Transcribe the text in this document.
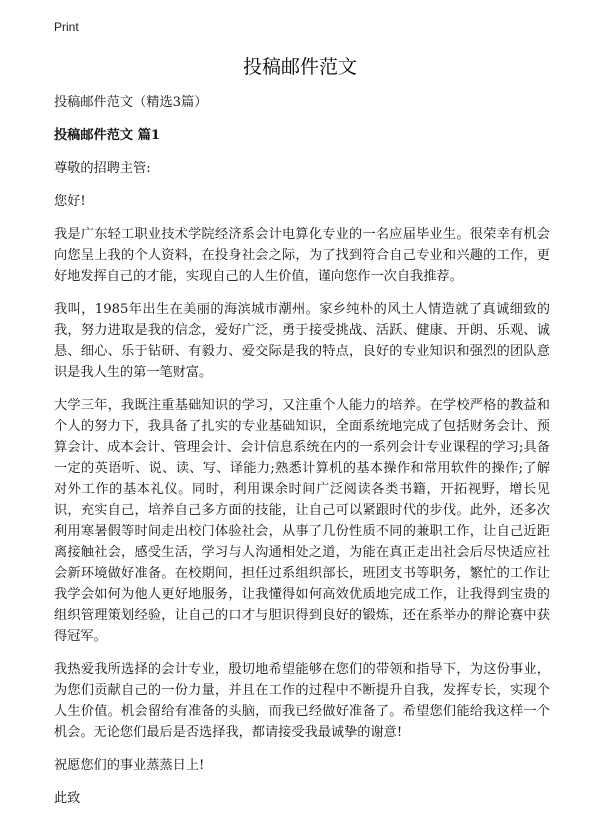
Print
投稿邮件范文

投稿邮件范文（精选3篇）

投稿邮件范文 篇1

尊敬的招聘主管:

您好!

我是广东轻工职业技术学院经济系会计电算化专业的一名应届毕业生。很荣幸有机会向您呈上我的个人资料，在投身社会之际，为了找到符合自己专业和兴趣的工作，更好地发挥自己的才能，实现自己的人生价值，谨向您作一次自我推荐。

我叫，1985年出生在美丽的海滨城市潮州。家乡纯朴的风土人情造就了真诚细致的我，努力进取是我的信念，爱好广泛，勇于接受挑战、活跃、健康、开朗、乐观、诚恳、细心、乐于钻研、有毅力、爱交际是我的特点，良好的专业知识和强烈的团队意识是我人生的第一笔财富。

大学三年，我既注重基础知识的学习，又注重个人能力的培养。在学校严格的教益和个人的努力下，我具备了扎实的专业基础知识，全面系统地完成了包括财务会计、预算会计、成本会计、管理会计、会计信息系统在内的一系列会计专业课程的学习;具备一定的英语听、说、读、写、译能力;熟悉计算机的基本操作和常用软件的操作;了解对外工作的基本礼仪。同时，利用课余时间广泛阅读各类书籍，开拓视野，增长见识，充实自己，培养自己多方面的技能，让自己可以紧跟时代的步伐。此外，还多次利用寒暑假等时间走出校门体验社会，从事了几份性质不同的兼职工作，让自己近距离接触社会，感受生活，学习与人沟通相处之道，为能在真正走出社会后尽快适应社会新环境做好准备。在校期间，担任过系组织部长，班团支书等职务，繁忙的工作让我学会如何为他人更好地服务，让我懂得如何高效优质地完成工作，让我得到宝贵的组织管理策划经验，让自己的口才与胆识得到良好的锻炼，还在系举办的辩论赛中获得冠军。

我热爱我所选择的会计专业，殷切地希望能够在您们的带领和指导下，为这份事业，为您们贡献自己的一份力量，并且在工作的过程中不断提升自我，发挥专长，实现个人生价值。机会留给有准备的头脑，而我已经做好准备了。希望您们能给我这样一个机会。无论您们最后是否选择我，都请接受我最诚挚的谢意!

祝愿您们的事业蒸蒸日上!

此致
